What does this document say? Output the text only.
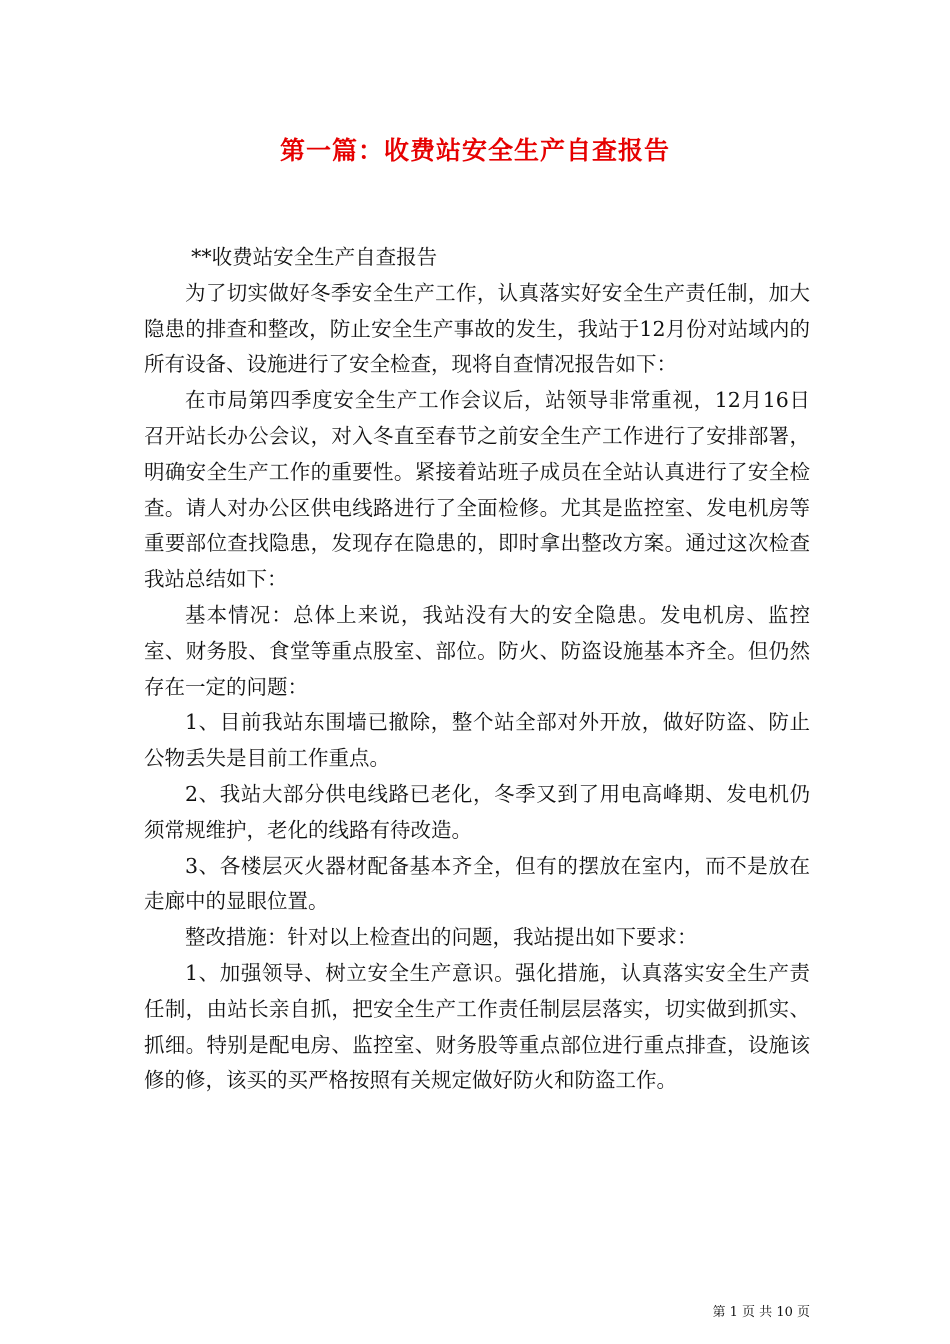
第一篇：收费站安全生产自查报告

**收费站安全生产自查报告

为了切实做好冬季安全生产工作，认真落实好安全生产责任制，加大隐患的排查和整改，防止安全生产事故的发生，我站于12月份对站域内的所有设备、设施进行了安全检查，现将自查情况报告如下：

在市局第四季度安全生产工作会议后，站领导非常重视，12月16日召开站长办公会议，对入冬直至春节之前安全生产工作进行了安排部署，明确安全生产工作的重要性。紧接着站班子成员在全站认真进行了安全检查。请人对办公区供电线路进行了全面检修。尤其是监控室、发电机房等重要部位查找隐患，发现存在隐患的，即时拿出整改方案。通过这次检查我站总结如下：

基本情况：总体上来说，我站没有大的安全隐患。发电机房、监控室、财务股、食堂等重点股室、部位。防火、防盗设施基本齐全。但仍然存在一定的问题：

1、目前我站东围墙已撤除，整个站全部对外开放，做好防盗、防止公物丢失是目前工作重点。

2、我站大部分供电线路已老化，冬季又到了用电高峰期、发电机仍须常规维护，老化的线路有待改造。

3、各楼层灭火器材配备基本齐全，但有的摆放在室内，而不是放在走廊中的显眼位置。

整改措施：针对以上检查出的问题，我站提出如下要求：

1、加强领导、树立安全生产意识。强化措施，认真落实安全生产责任制，由站长亲自抓，把安全生产工作责任制层层落实，切实做到抓实、抓细。特别是配电房、监控室、财务股等重点部位进行重点排查，设施该修的修，该买的买严格按照有关规定做好防火和防盗工作。

第 1 页 共 10 页
